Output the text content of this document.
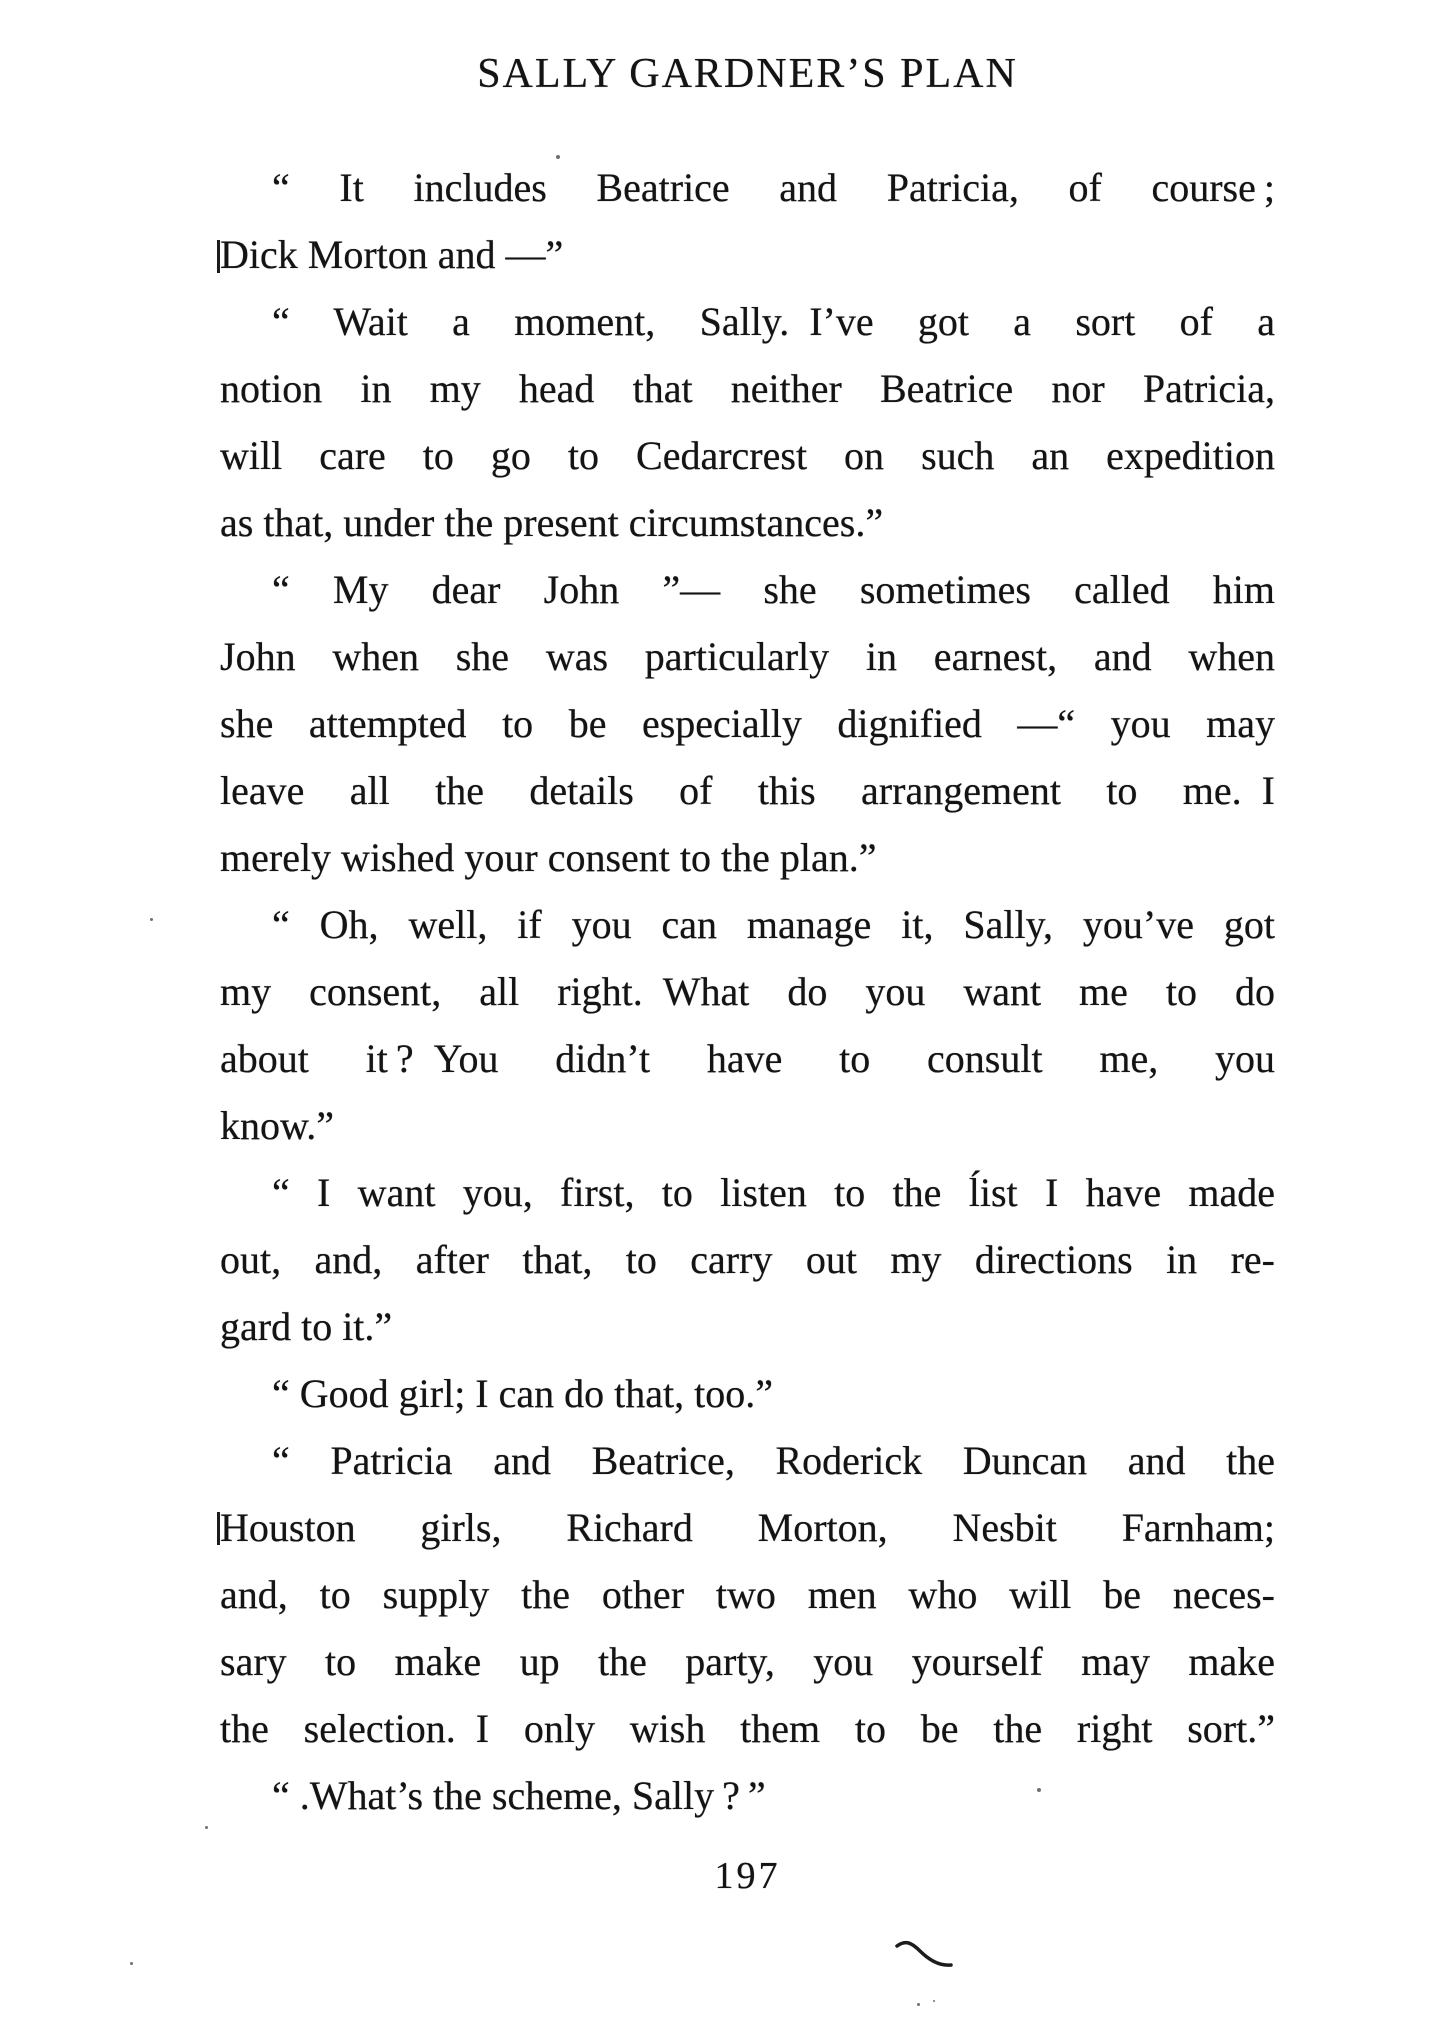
SALLY GARDNER’S PLAN
“ It includes Beatrice and Patricia, of course ;
Dick Morton and —”
“ Wait a moment, Sally. I’ve got a sort of a
notion in my head that neither Beatrice nor Patricia,
will care to go to Cedarcrest on such an expedition
as that, under the present circumstances.”
“ My dear John ”— she sometimes called him
John when she was particularly in earnest, and when
she attempted to be especially dignified —“ you may
leave all the details of this arrangement to me. I
merely wished your consent to the plan.”
“ Oh, well, if you can manage it, Sally, you’ve got
my consent, all right. What do you want me to do
about it ? You didn’t have to consult me, you
know.”
“ I want you, first, to listen to the ĺist I have made
out, and, after that, to carry out my directions in re-
gard to it.”
“ Good girl; I can do that, too.”
“ Patricia and Beatrice, Roderick Duncan and the
Houston girls, Richard Morton, Nesbit Farnham;
and, to supply the other two men who will be neces-
sary to make up the party, you yourself may make
the selection. I only wish them to be the right sort.”
“ .What’s the scheme, Sally ? ”
197
